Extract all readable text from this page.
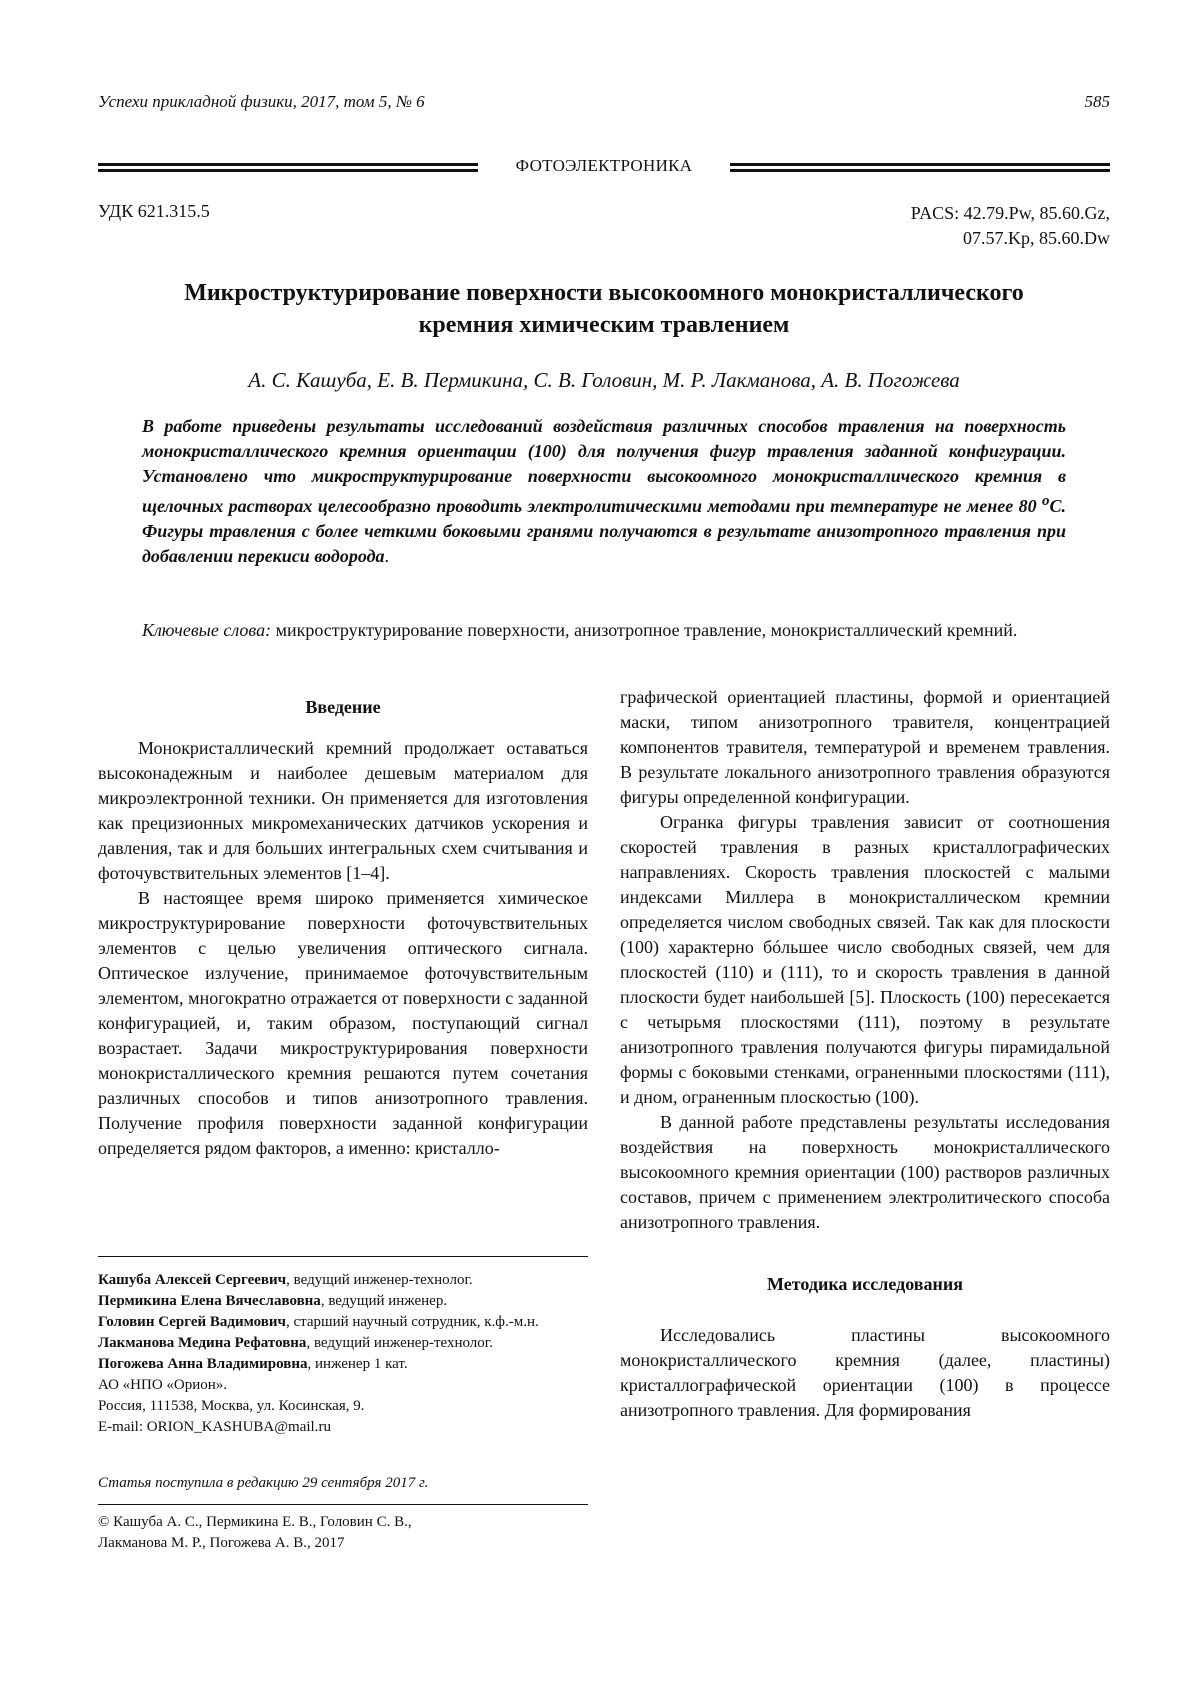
Успехи прикладной физики, 2017, том 5, № 6	585
ФОТОЭЛЕКТРОНИКА
УДК 621.315.5	PACS: 42.79.Pw, 85.60.Gz,
07.57.Kp, 85.60.Dw
Микроструктурирование поверхности высокоомного монокристаллического
кремния химическим травлением
А. С. Кашуба, Е. В. Пермикина, С. В. Головин, М. Р. Лакманова, А. В. Погожева
В работе приведены результаты исследований воздействия различных способов травления на поверхность монокристаллического кремния ориентации (100) для получения фигур травления заданной конфигурации. Установлено что микроструктурирование поверхности высокоомного монокристаллического кремния в щелочных растворах целесообразно проводить электролитическими методами при температуре не менее 80 $^o$С. Фигуры травления с более четкими боковыми гранями получаются в результате анизотропного травления при добавлении перекиси водорода.
Ключевые слова: микроструктурирование поверхности, анизотропное травление, монокристаллический кремний.
Введение

Монокристаллический кремний продолжает оставаться высоконадежным и наиболее дешевым материалом для микроэлектронной техники. Он применяется для изготовления как прецизионных микромеханических датчиков ускорения и давления, так и для больших интегральных схем считывания и фоточувствительных элементов [1–4].

В настоящее время широко применяется химическое микроструктурирование поверхности фоточувствительных элементов с целью увеличения оптического сигнала. Оптическое излучение, принимаемое фоточувствительным элементом, многократно отражается от поверхности с заданной конфигурацией, и, таким образом, поступающий сигнал возрастает. Задачи микроструктурирования поверхности монокристаллического кремния решаются путем сочетания различных способов и типов анизотропного травления. Получение профиля поверхности заданной конфигурации определяется рядом факторов, а именно: кристалло-

Кашуба Алексей Сергеевич, ведущий инженер-технолог.
Пермикина Елена Вячеславовна, ведущий инженер.
Головин Сергей Вадимович, старший научный сотрудник, к.ф.-м.н.
Лакманова Медина Рефатовна, ведущий инженер-технолог.
Погожева Анна Владимировна, инженер 1 кат.
АО «НПО «Орион».
Россия, 111538, Москва, ул. Косинская, 9.
E-mail: ORION_KASHUBA@mail.ru
Статья поступила в редакцию 29 сентября 2017 г.
© Кашуба А. С., Пермикина Е. В., Головин С. В.,
Лакманова М. Р., Погожева А. В., 2017

графической ориентацией пластины, формой и ориентацией маски, типом анизотропного травителя, концентрацией компонентов травителя, температурой и временем травления. В результате локального анизотропного травления образуются фигуры определенной конфигурации.

Огранка фигуры травления зависит от соотношения скоростей травления в разных кристаллографических направлениях. Скорость травления плоскостей с малыми индексами Миллера в монокристаллическом кремнии определяется числом свободных связей. Так как для плоскости (100) характерно бóльшее число свободных связей, чем для плоскостей (110) и (111), то и скорость травления в данной плоскости будет наибольшей [5]. Плоскость (100) пересекается с четырьмя плоскостями (111), поэтому в результате анизотропного травления получаются фигуры пирамидальной формы с боковыми стенками, ограненными плоскостями (111), и дном, ограненным плоскостью (100).

В данной работе представлены результаты исследования воздействия на поверхность монокристаллического высокоомного кремния ориентации (100) растворов различных составов, причем с применением электролитического способа анизотропного травления.

Методика исследования

Исследовались пластины высокоомного монокристаллического кремния (далее, пластины) кристаллографической ориентации (100) в процессе анизотропного травления. Для формирования
